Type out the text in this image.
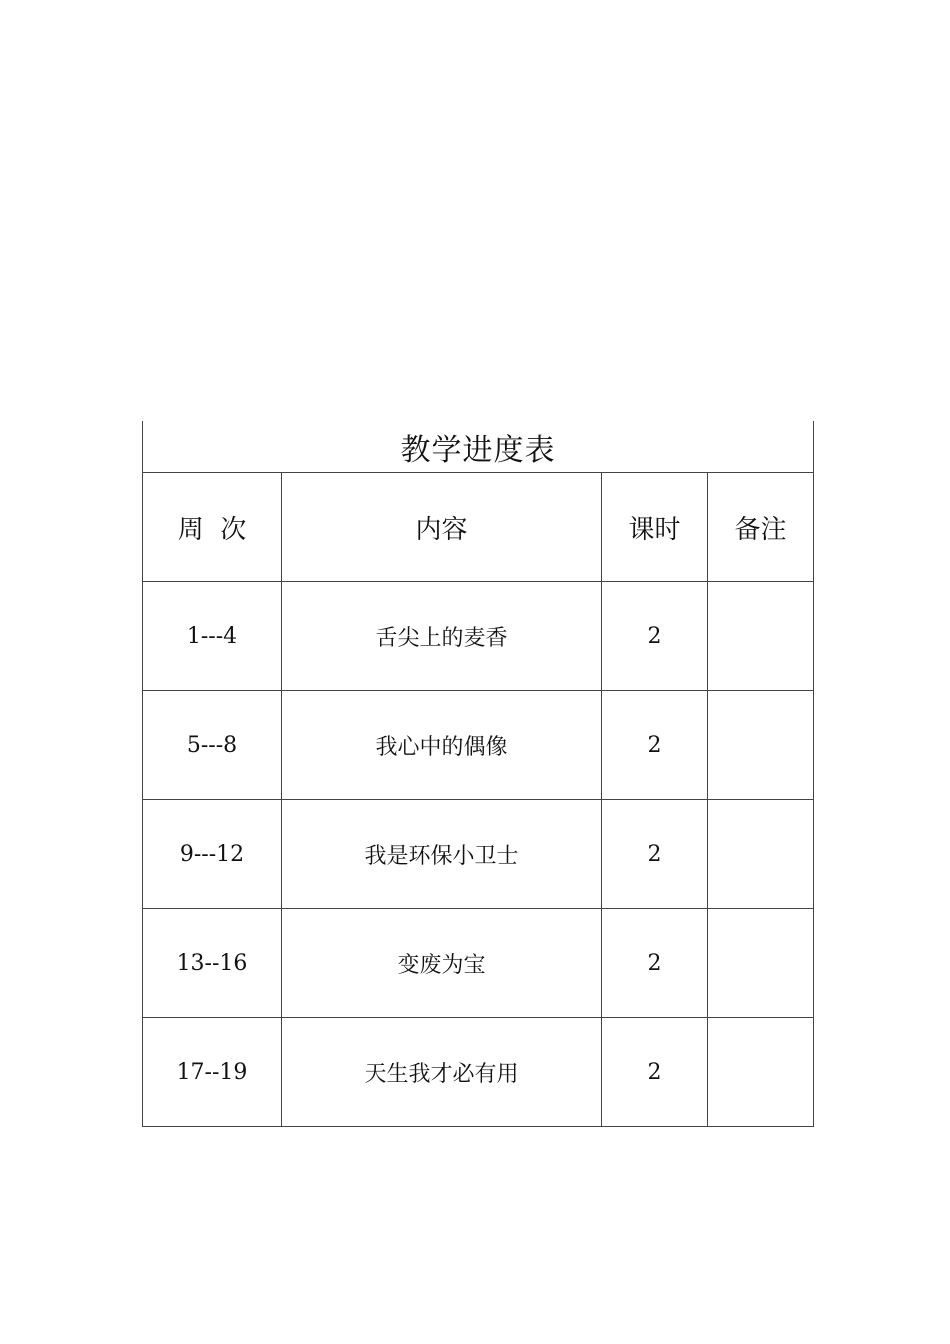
教学进度表			
周  次	内容	课时	备注
1---4	舌尖上的麦香	2	
5---8	我心中的偶像	2	
9---12	我是环保小卫士	2	
13--16	变废为宝	2	
17--19	天生我才必有用	2	
